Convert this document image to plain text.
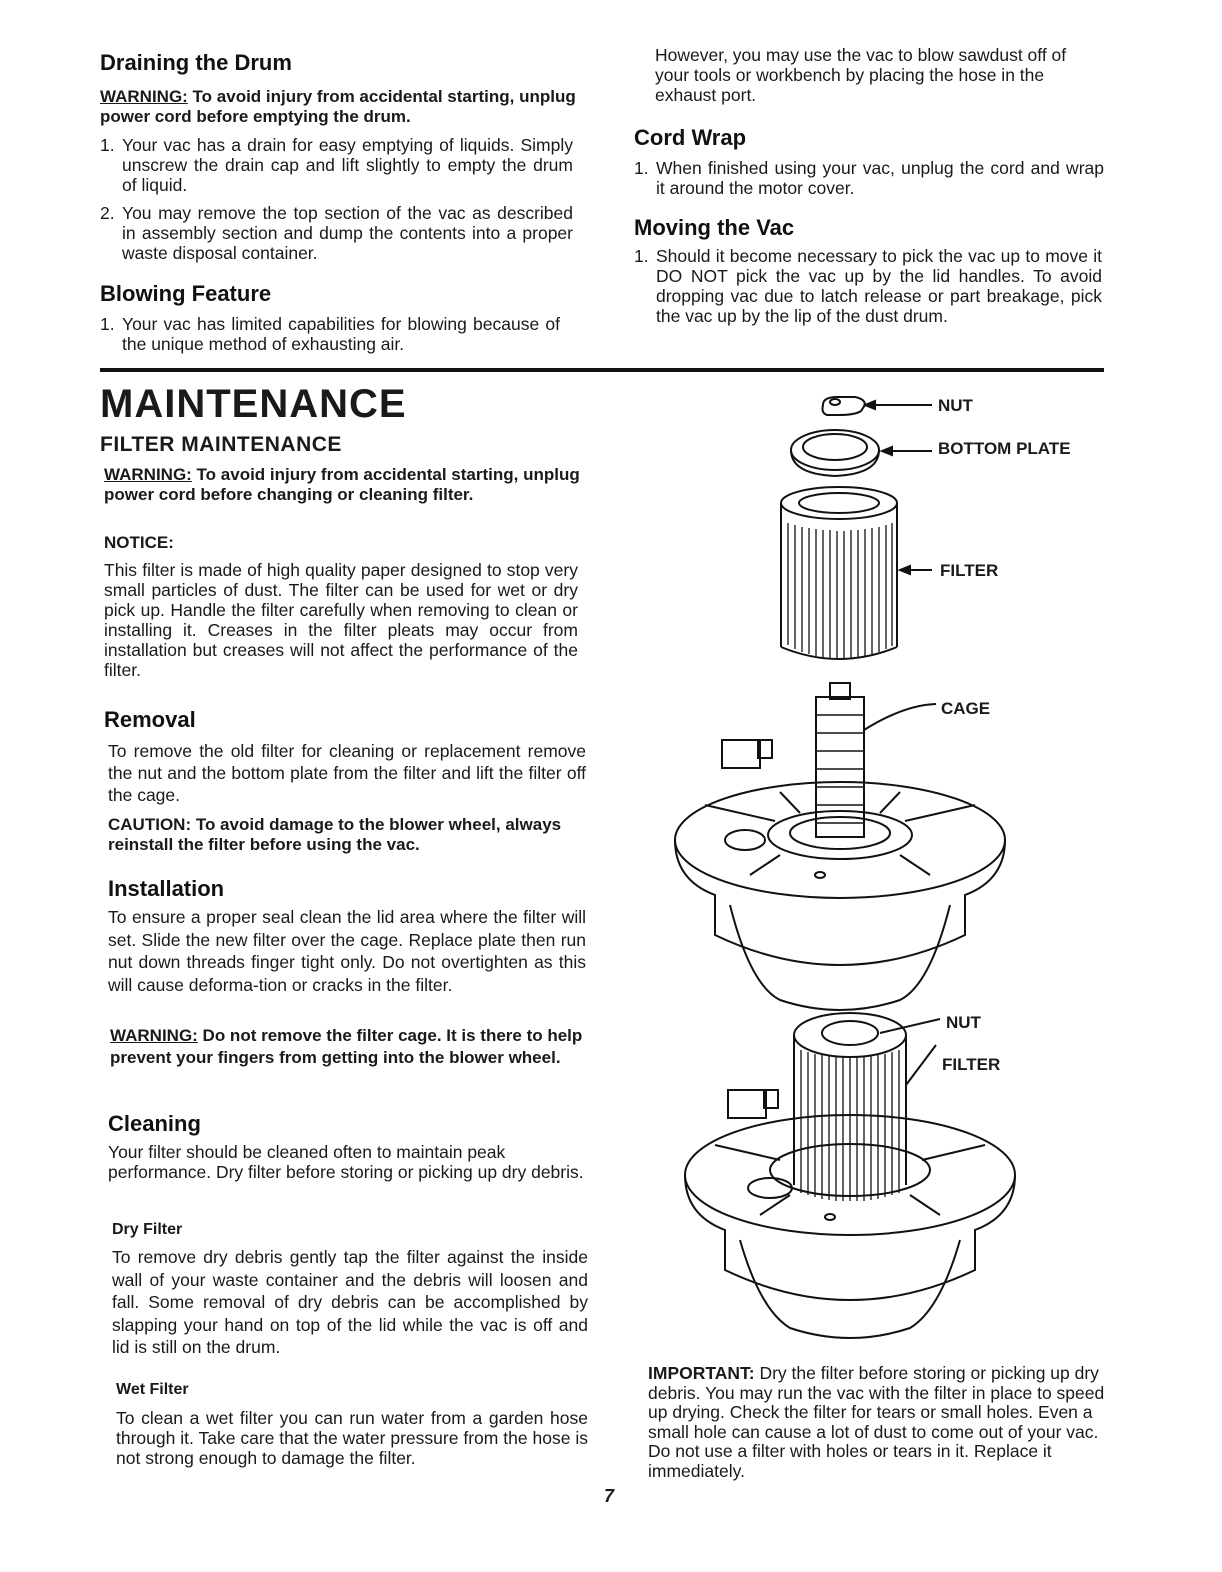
Draining the Drum
WARNING: To avoid injury from accidental starting, unplug power cord before emptying the drum.
1. Your vac has a drain for easy emptying of liquids. Simply unscrew the drain cap and lift slightly to empty the drum of liquid.
2. You may remove the top section of the vac as described in assembly section and dump the contents into a proper waste disposal container.
Blowing Feature
1. Your vac has limited capabilities for blowing because of the unique method of exhausting air.
However, you may use the vac to blow sawdust off of your tools or workbench by placing the hose in the exhaust port.
Cord Wrap
1. When finished using your vac, unplug the cord and wrap it around the motor cover.
Moving the Vac
1. Should it become necessary to pick the vac up to move it DO NOT pick the vac up by the lid handles. To avoid dropping vac due to latch release or part breakage, pick the vac up by the lip of the dust drum.
MAINTENANCE
FILTER MAINTENANCE
WARNING: To avoid injury from accidental starting, unplug power cord before changing or cleaning filter.
NOTICE:
This filter is made of high quality paper designed to stop very small particles of dust. The filter can be used for wet or dry pick up. Handle the filter carefully when removing to clean or installing it. Creases in the filter pleats may occur from installation but creases will not affect the performance of the filter.
Removal
To remove the old filter for cleaning or replacement remove the nut and the bottom plate from the filter and lift the filter off the cage.
CAUTION: To avoid damage to the blower wheel, always reinstall the filter before using the vac.
Installation
To ensure a proper seal clean the lid area where the filter will set. Slide the new filter over the cage. Replace plate then run nut down threads finger tight only. Do not overtighten as this will cause deforma-tion or cracks in the filter.
WARNING: Do not remove the filter cage. It is there to help prevent your fingers from getting into the blower wheel.
Cleaning
Your filter should be cleaned often to maintain peak performance. Dry filter before storing or picking up dry debris.
Dry Filter
To remove dry debris gently tap the filter against the inside wall of your waste container and the debris will loosen and fall. Some removal of dry debris can be accomplished by slapping your hand on top of the lid while the vac is off and lid is still on the drum.
Wet Filter
To clean a wet filter you can run water from a garden hose through it. Take care that the water pressure from the hose is not strong enough to damage the filter.
7
NUT
BOTTOM PLATE
FILTER
CAGE
NUT
FILTER
IMPORTANT: Dry the filter before storing or picking up dry debris. You may run the vac with the filter in place to speed up drying. Check the filter for tears or small holes. Even a small hole can cause a lot of dust to come out of your vac. Do not use a filter with holes or tears in it. Replace it immediately.
